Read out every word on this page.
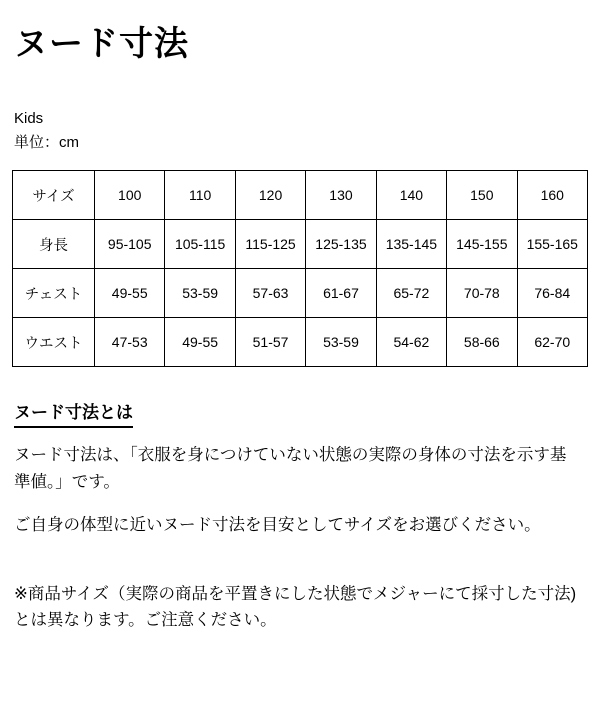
ヌード寸法
Kids
単位：cm
サイズ	100	110	120	130	140	150	160
身長	95-105	105-115	115-125	125-135	135-145	145-155	155-165
チェスト	49-55	53-59	57-63	61-67	65-72	70-78	76-84
ウエスト	47-53	49-55	51-57	53-59	54-62	58-66	62-70
ヌード寸法とは

ヌード寸法は、「衣服を身につけていない状態の実際の身体の寸法を示す基準値。」です。

ご自身の体型に近いヌード寸法を目安としてサイズをお選びください。

※商品サイズ（実際の商品を平置きにした状態でメジャーにて採寸した寸法)とは異なります。ご注意ください。
